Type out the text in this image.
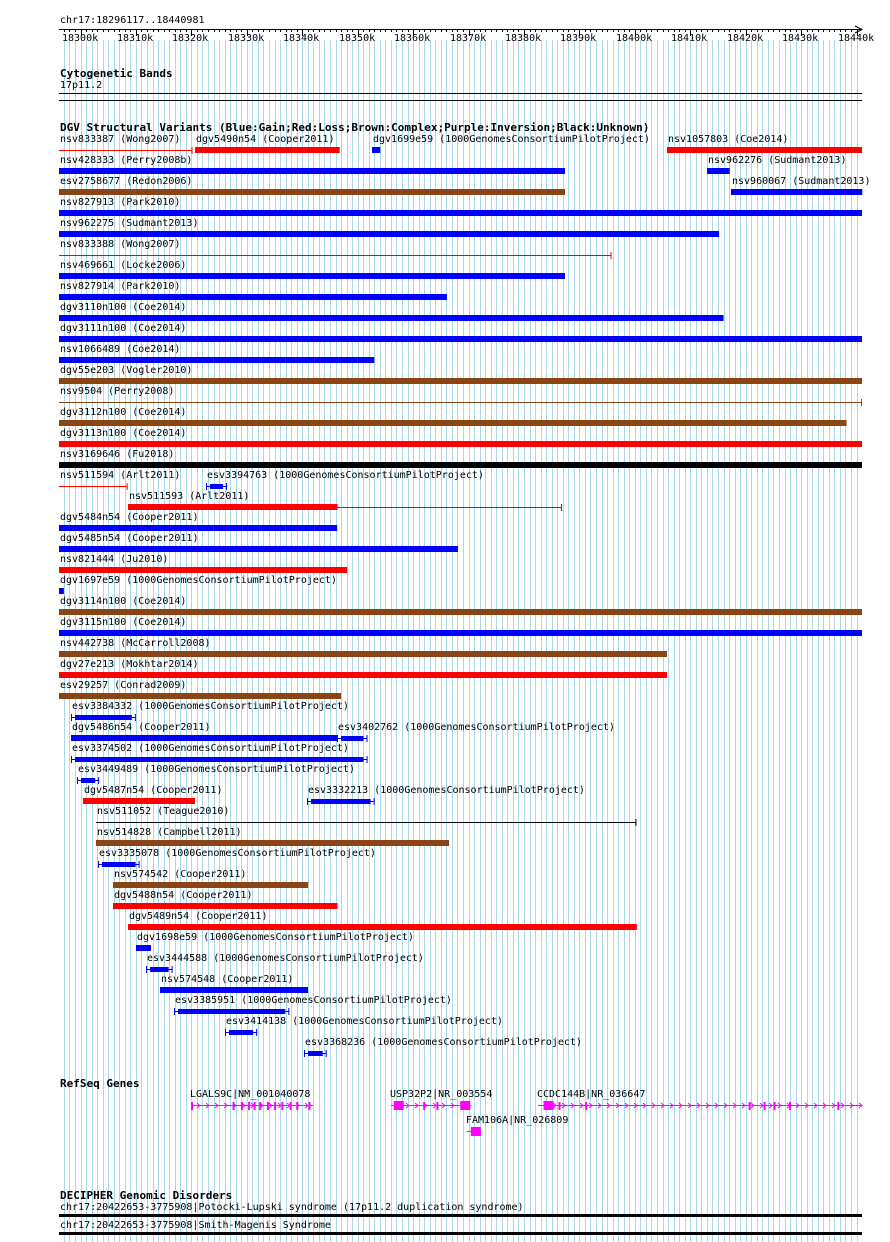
chr17:18296117..18440981
Cytogenetic Bands
17p11.2
DGV Structural Variants (Blue:Gain;Red:Loss;Brown:Complex;Purple:Inversion;Black:Unknown)
nsv833387 (Wong2007) dgv5490n54 (Cooper2011)	dgv1699e59 (1000GenomesConsortiumPilotProject) nsv1057803 (Coe2014)
nsv428333 (Perry2008b)	nsv962276 (Sudmant2013)
esv2758677 (Redon2006)	nsv960067 (Sudmant2013)
nsv827913 (Park2010)
nsv962275 (Sudmant2013)
nsv833388 (Wong2007)
nsv469661 (Locke2006)
nsv827914 (Park2010)
dgv3110n100 (Coe2014)
dgv3111n100 (Coe2014)
nsv1066489 (Coe2014)
dgv55e203 (Vogler2010)
nsv9504 (Perry2008)
dgv3112n100 (Coe2014)
dgv3113n100 (Coe2014)
nsv3169646 (Fu2018)
nsv511594 (Arlt2011)	esv3394763 (1000GenomesConsortiumPilotProject)
nsv511593 (Arlt2011)
dgv5484n54 (Cooper2011)
dgv5485n54 (Cooper2011)
nsv821444 (Ju2010)
dgv1697e59 (1000GenomesConsortiumPilotProject)
dgv3114n100 (Coe2014)
dgv3115n100 (Coe2014)
nsv442738 (McCarroll2008)
dgv27e213 (Mokhtar2014)
esv29257 (Conrad2009)
esv3384332 (1000GenomesConsortiumPilotProject)
dgv5486n54 (Cooper2011)	esv3402762 (1000GenomesConsortiumPilotProject)
esv3374502 (1000GenomesConsortiumPilotProject)
esv3449489 (1000GenomesConsortiumPilotProject)
dgv5487n54 (Cooper2011)	esv3332213 (1000GenomesConsortiumPilotProject)
nsv511052 (Teague2010)
nsv514828 (Campbell2011)
esv3335078 (1000GenomesConsortiumPilotProject)
nsv574542 (Cooper2011)
dgv5488n54 (Cooper2011)
dgv5489n54 (Cooper2011)
dgv1698e59 (1000GenomesConsortiumPilotProject)
esv3444588 (1000GenomesConsortiumPilotProject)
nsv574548 (Cooper2011)
esv3385951 (1000GenomesConsortiumPilotProject)
esv3414138 (1000GenomesConsortiumPilotProject)
esv3368236 (1000GenomesConsortiumPilotProject)
RefSeq Genes
LGALS9C|NM_001040078	USP32P2|NR_003554	CCDC144B|NR_036647
FAM106A|NR_026809
DECIPHER Genomic Disorders
chr17:20422653-3775908|Potocki-Lupski syndrome (17p11.2 duplication syndrome)
chr17:20422653-3775908|Smith-Magenis Syndrome
18300k 18310k 18320k 18330k 18340k 18350k 18360k 18370k 18380k 18390k 18400k 18410k 18420k 18430k 18440k
